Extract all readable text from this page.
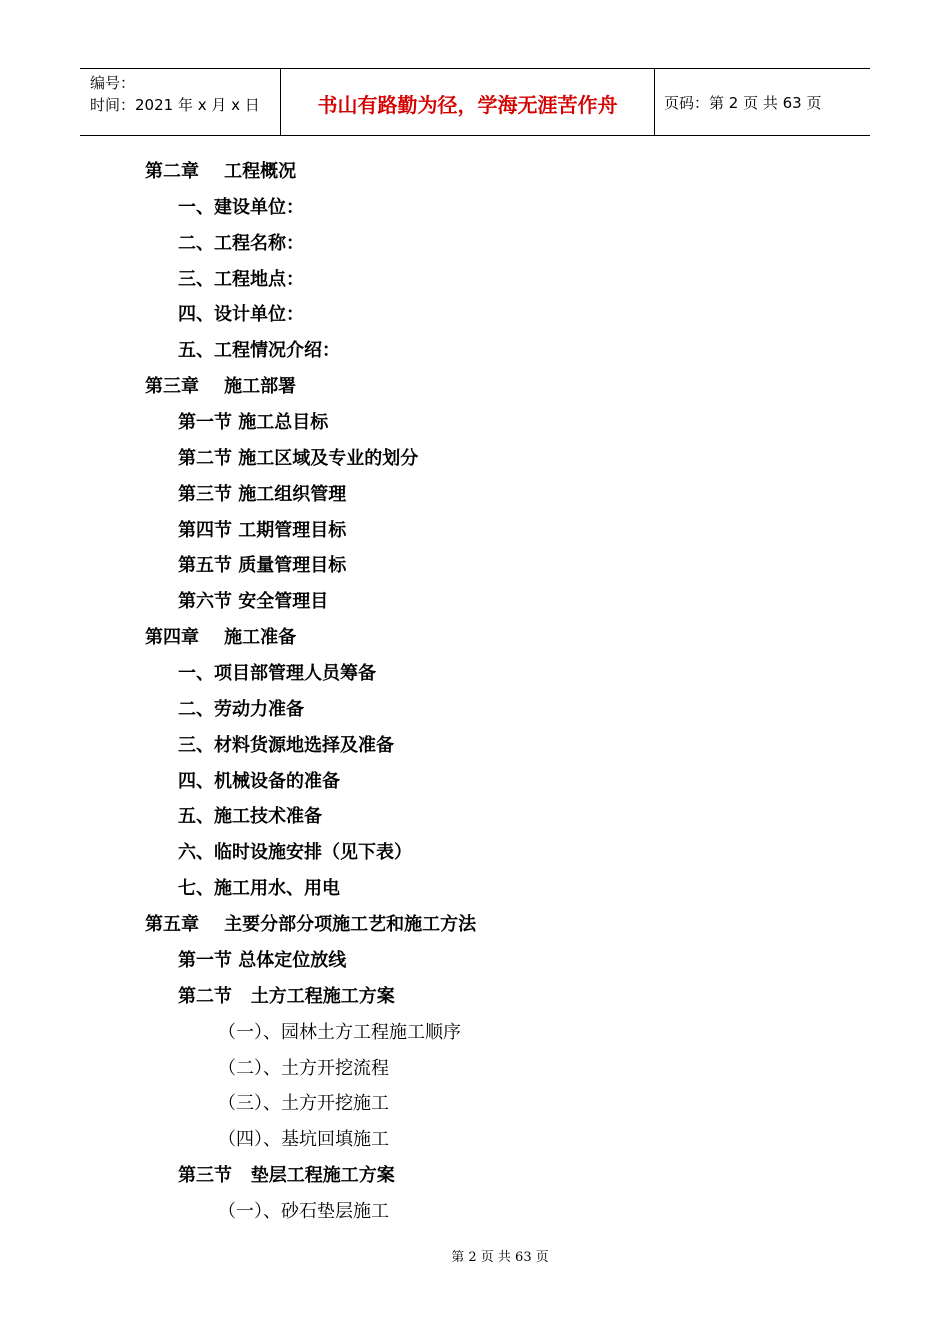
编号：
时间：2021 年 x 月 x 日	书山有路勤为径，学海无涯苦作舟	页码：第 2 页 共 63 页
第二章    工程概况
一、建设单位：
二、工程名称：
三、工程地点：
四、设计单位：
五、工程情况介绍：
第三章    施工部署
第一节 施工总目标
第二节 施工区域及专业的划分
第三节 施工组织管理
第四节 工期管理目标
第五节 质量管理目标
第六节 安全管理目
第四章    施工准备
一、项目部管理人员筹备
二、劳动力准备
三、材料货源地选择及准备
四、机械设备的准备
五、施工技术准备
六、临时设施安排（见下表）
七、施工用水、用电
第五章    主要分部分项施工艺和施工方法
第一节 总体定位放线
第二节   土方工程施工方案
（一）、园林土方工程施工顺序
（二）、土方开挖流程
（三）、土方开挖施工
（四）、基坑回填施工
第三节   垫层工程施工方案
（一）、砂石垫层施工
第 2 页 共 63 页
